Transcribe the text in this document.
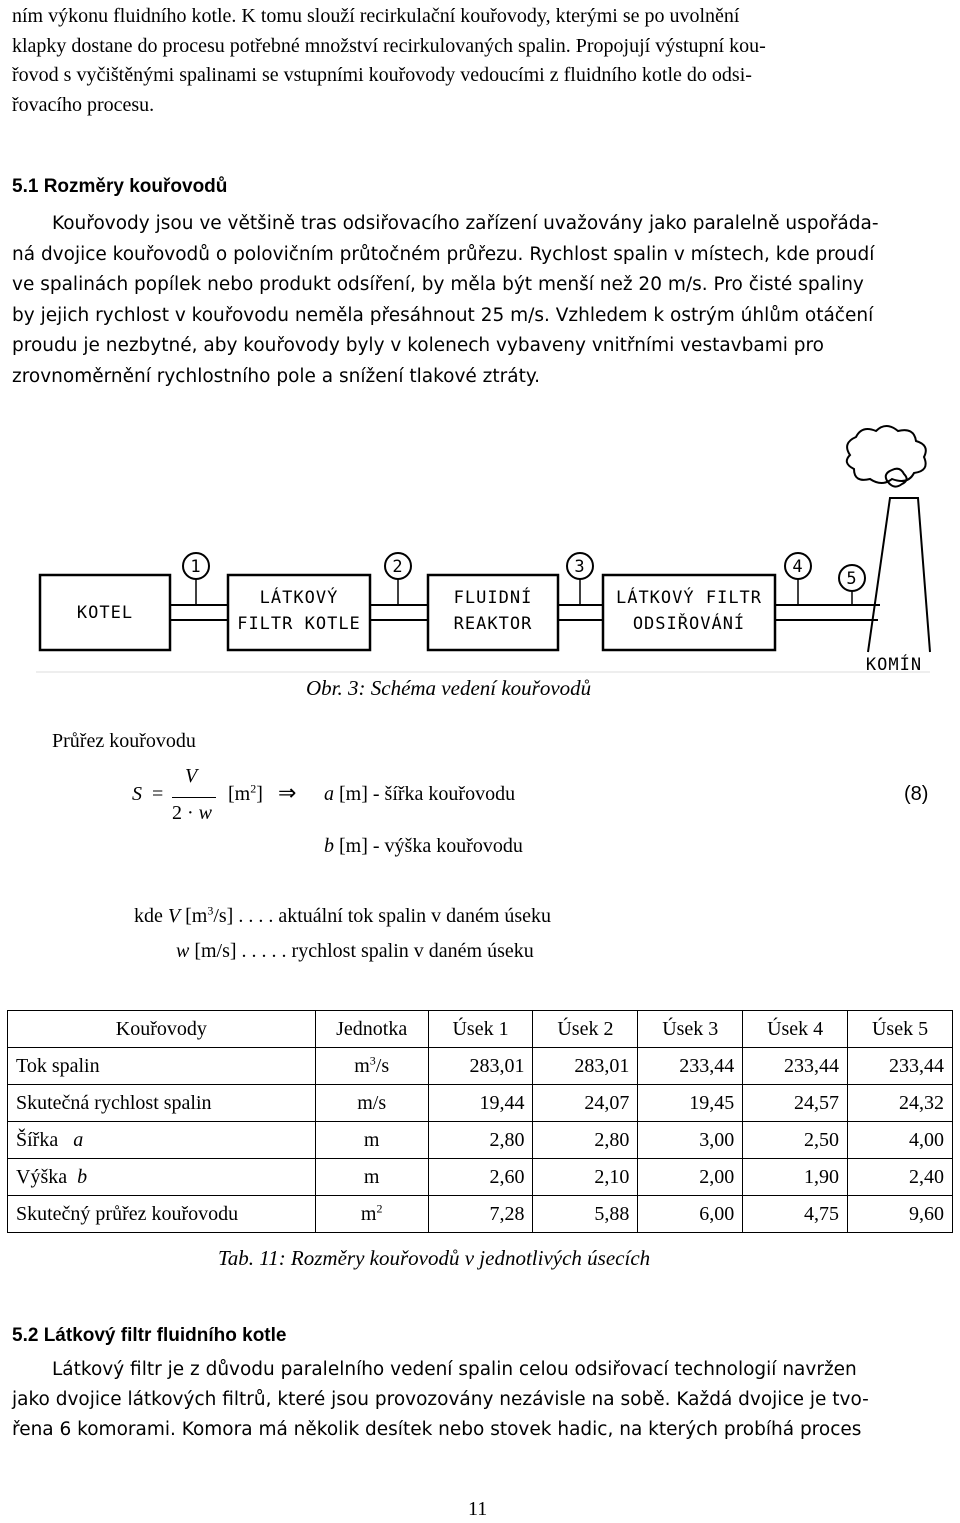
ním výkonu fluidního kotle. K tomu slouží recirkulační kouřovody, kterými se po uvolnění
klapky dostane do procesu potřebné množství recirkulovaných spalin. Propojují výstupní kou-
řovod s vyčištěnými spalinami se vstupními kouřovody vedoucími z fluidního kotle do odsi-
řovacího procesu.
5.1 Rozměry kouřovodů
Kouřovody jsou ve většině tras odsiřovacího zařízení uvažovány jako paralelně uspořáda-
ná dvojice kouřovodů o polovičním průtočném průřezu. Rychlost spalin v místech, kde proudí
ve spalinách popílek nebo produkt odsíření, by měla být menší než 20 m/s. Pro čisté spaliny
by jejich rychlost v kouřovodu neměla přesáhnout 25 m/s. Vzhledem k ostrým úhlům otáčení
proudu je nezbytné, aby kouřovody byly v kolenech vybaveny vnitřními vestavbami pro
zrovnoměrnění rychlostního pole a snížení tlakové ztráty.
1	2	3	4
5
KOTEL
LÁTKOVÝ
FILTR KOTLE
FLUIDNÍ
REAKTOR
LÁTKOVÝ FILTR
ODSIŘOVÁNÍ
KOMÍN
Obr. 3: Schéma vedení kouřovodů
Průřez kouřovodu
S =
V
2 · w
$[m^2]$ ⇒ a [m] - šířka kouřovodu	(8)
b [m] - výška kouřovodu
kde V $[m^3/s]$ . . . . aktuální tok spalin v daném úseku
w [m/s] . . . . . rychlost spalin v daném úseku
Kouřovody	Jednotka	Úsek 1	Úsek 2	Úsek 3	Úsek 4	Úsek 5
Tok spalin	$m^3/s$	283,01	283,01	233,44	233,44	233,44
Skutečná rychlost spalin	m/s	19,44	24,07	19,45	24,57	24,32
Šířka a	m	2,80	2,80	3,00	2,50	4,00
Výška b	m	2,60	2,10	2,00	1,90	2,40
Skutečný průřez kouřovodu	$m^2$	7,28	5,88	6,00	4,75	9,60
Tab. 11: Rozměry kouřovodů v jednotlivých úsecích
5.2 Látkový filtr fluidního kotle
Látkový filtr je z důvodu paralelního vedení spalin celou odsiřovací technologií navržen
jako dvojice látkových filtrů, které jsou provozovány nezávisle na sobě. Každá dvojice je tvo-
řena 6 komorami. Komora má několik desítek nebo stovek hadic, na kterých probíhá proces
11
